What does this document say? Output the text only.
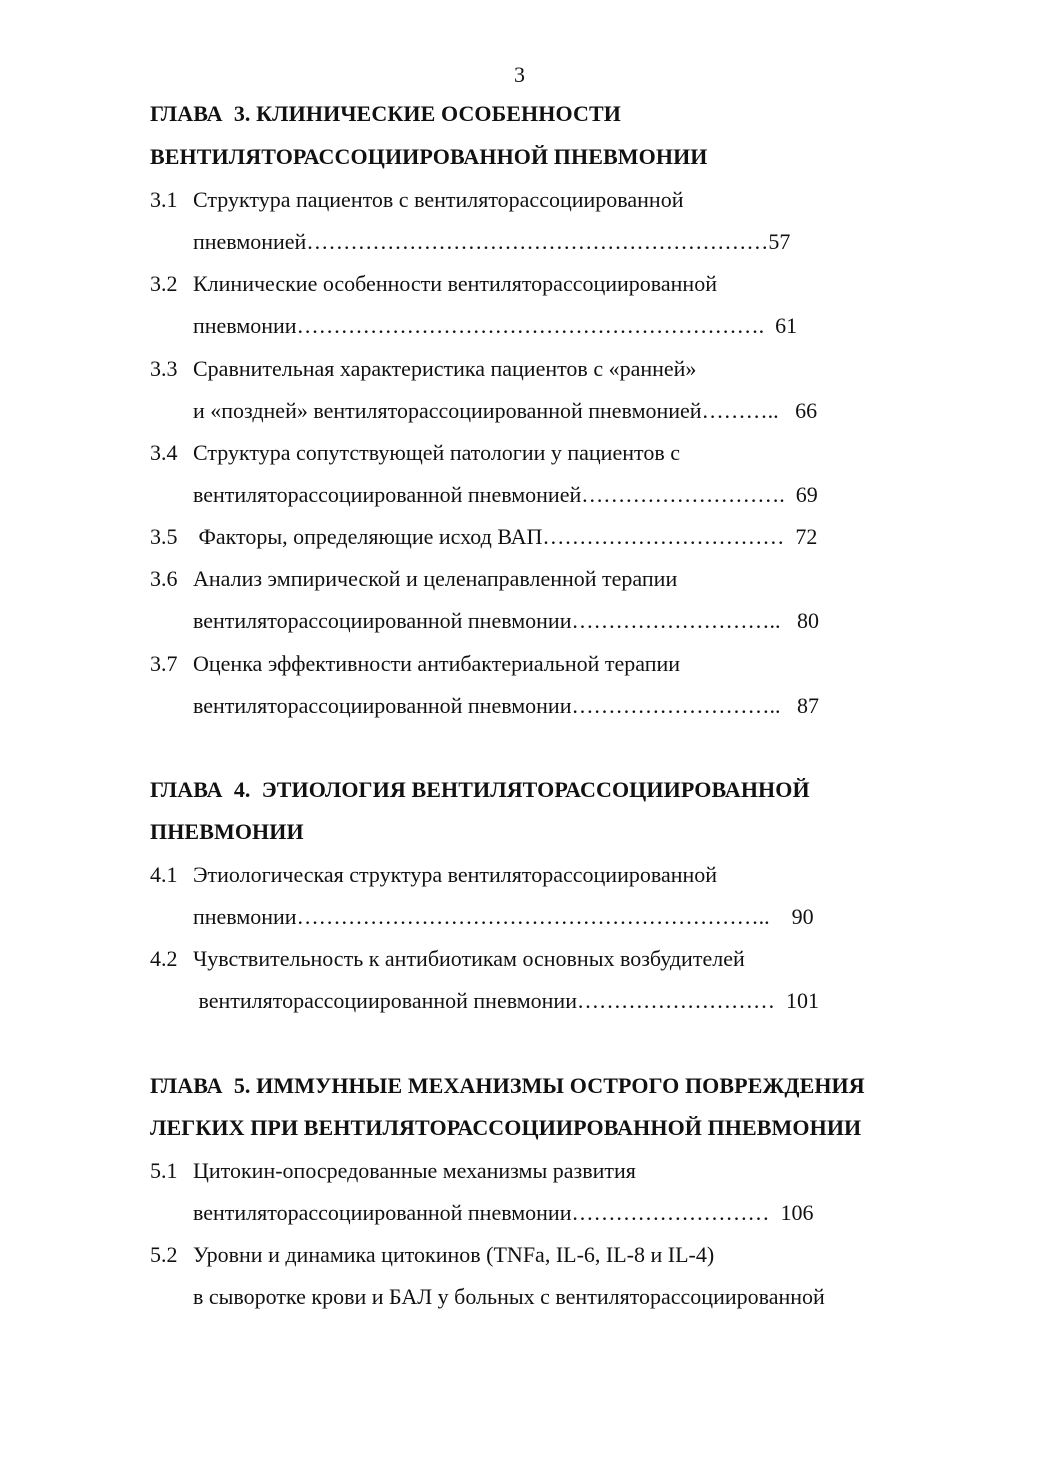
3
ГЛАВА  3. КЛИНИЧЕСКИЕ ОСОБЕННОСТИ
ВЕНТИЛЯТОРАССОЦИИРОВАННОЙ ПНЕВМОНИИ
3.1 Структура пациентов с вентиляторассоциированной
пневмонией………………………………………………………57
3.2 Клинические особенности вентиляторассоциированной
пневмонии……………………………………………………….  61
3.3 Сравнительная характеристика пациентов с «ранней»
и «поздней» вентиляторассоциированной пневмонией………..   66
3.4 Структура сопутствующей патологии у пациентов с
вентиляторассоциированной пневмонией……………………….  69
3.5 Факторы, определяющие исход ВАП……………………………  72
3.6 Анализ эмпирической и целенаправленной терапии
вентиляторассоциированной пневмонии………………………..   80
3.7 Оценка эффективности антибактериальной терапии
вентиляторассоциированной пневмонии………………………..   87
ГЛАВА  4.  ЭТИОЛОГИЯ ВЕНТИЛЯТОРАССОЦИИРОВАННОЙ
ПНЕВМОНИИ
4.1 Этиологическая структура вентиляторассоциированной
пневмонии………………………………………………………..    90
4.2 Чувствительность к антибиотикам основных возбудителей
вентиляторассоциированной пневмонии………………………  101
ГЛАВА  5. ИММУННЫЕ МЕХАНИЗМЫ ОСТРОГО ПОВРЕЖДЕНИЯ
ЛЕГКИХ ПРИ ВЕНТИЛЯТОРАССОЦИИРОВАННОЙ ПНЕВМОНИИ
5.1 Цитокин-опосредованные механизмы развития
вентиляторассоциированной пневмонии………………………  106
5.2 Уровни и динамика цитокинов (TNFa, IL-6, IL-8 и IL-4)
в сыворотке крови и БАЛ у больных с вентиляторассоциированной
